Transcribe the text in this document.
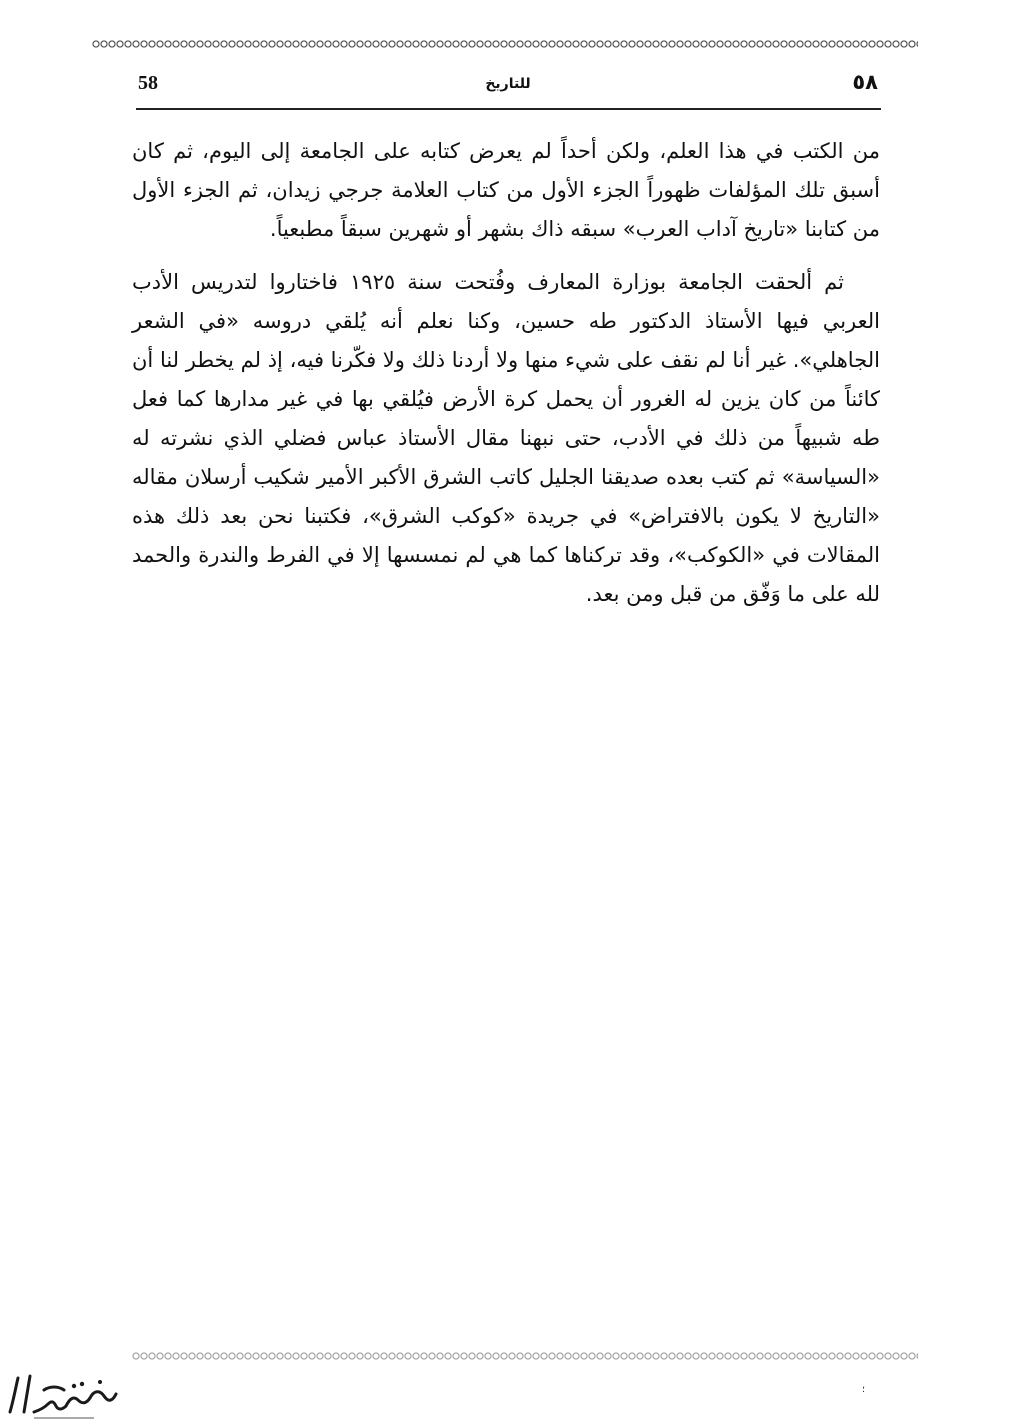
58	للتاريخ	٥٨

من الكتب في هذا العلم، ولكن أحداً لم يعرض كتابه على الجامعة إلى اليوم، ثم كان أسبق تلك المؤلفات ظهوراً الجزء الأول من كتاب العلامة جرجي زيدان، ثم الجزء الأول من كتابنا «تاريخ آداب العرب» سبقه ذاك بشهر أو شهرين سبقاً مطبعياً.

ثم ألحقت الجامعة بوزارة المعارف وفُتحت سنة ١٩٢٥ فاختاروا لتدريس الأدب العربي فيها الأستاذ الدكتور طه حسين، وكنا نعلم أنه يُلقي دروسه «في الشعر الجاهلي». غير أنا لم نقف على شيء منها ولا أردنا ذلك ولا فكّرنا فيه، إذ لم يخطر لنا أن كائناً من كان يزين له الغرور أن يحمل كرة الأرض فيُلقي بها في غير مدارها كما فعل طه شبيهاً من ذلك في الأدب، حتى نبهنا مقال الأستاذ عباس فضلي الذي نشرته له «السياسة» ثم كتب بعده صديقنا الجليل كاتب الشرق الأكبر الأمير شكيب أرسلان مقاله «التاريخ لا يكون بالافتراض» في جريدة «كوكب الشرق»، فكتبنا نحن بعد ذلك هذه المقالات في «الكوكب»، وقد تركناها كما هي لم نمسسها إلا في الفرط والندرة والحمد لله على ما وَفّق من قبل ومن بعد.

؛
